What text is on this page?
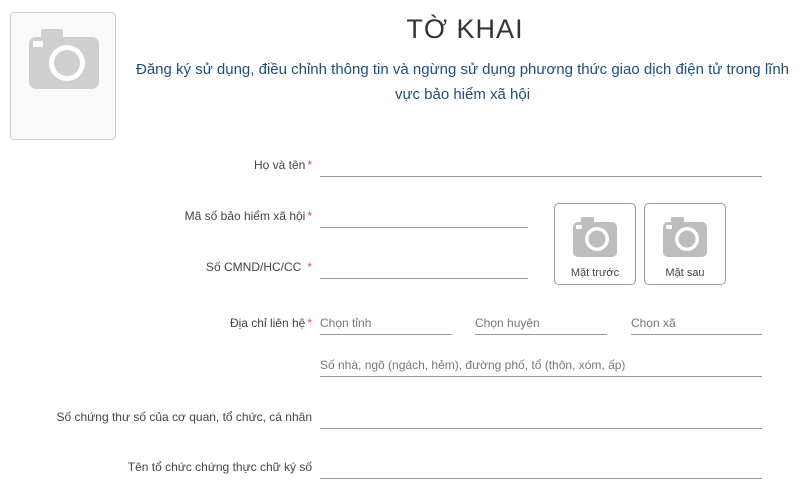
TỜ KHAI
Đăng ký sử dụng, điều chỉnh thông tin và ngừng sử dụng phương thức giao dịch điện tử trong lĩnh vực bảo hiểm xã hội
Họ và tên *
Mã số bảo hiểm xã hội *
Số CMND/HC/CC *	Mặt trước	Mặt sau
Địa chỉ liên hệ *
Chọn tỉnh
Chọn huyện
Chọn xã
Số nhà, ngõ (ngách, hẻm), đường phố, tổ (thôn, xóm, ấp)
Số chứng thư số của cơ quan, tổ chức, cá nhân
Tên tổ chức chứng thực chữ ký số
